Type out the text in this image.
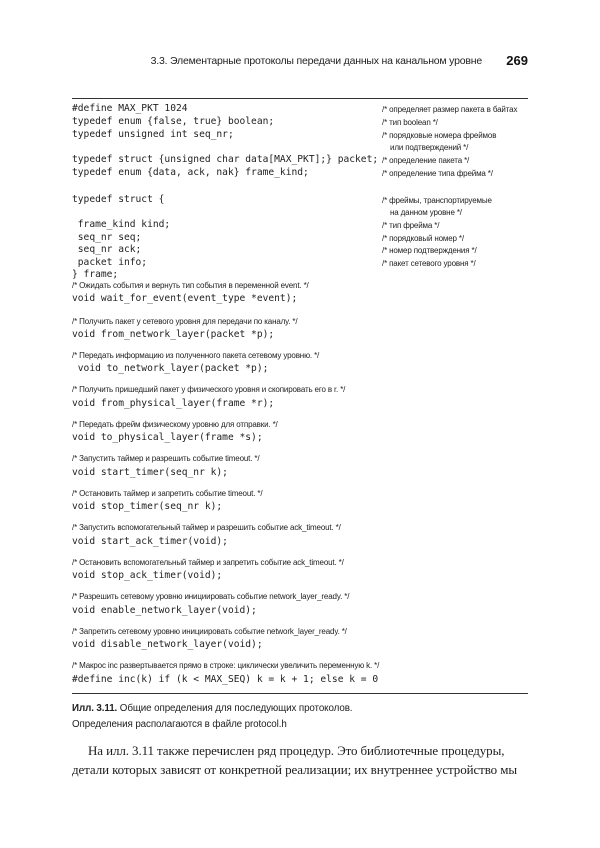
3.3. Элементарные протоколы передачи данных на канальном уровне 269
#define MAX_PKT 1024
typedef enum {false, true} boolean;
typedef unsigned int seq_nr;
typedef struct {unsigned char data[MAX_PKT];} packet;
typedef enum {data, ack, nak} frame_kind;
typedef struct {
frame_kind kind;
seq_nr seq;
seq_nr ack;
packet info;
} frame;
/* определяет размер пакета в байтах
/* тип boolean */
/* порядковые номера фреймов
или подтверждений */
/* определение пакета */
/* определение типа фрейма */
/* фреймы, транспортируемые
на данном уровне */
/* тип фрейма */
/* порядковый номер */
/* номер подтверждения */
/* пакет сетевого уровня */
/* Ожидать события и вернуть тип события в переменной event. */
void wait_for_event(event_type *event);
/* Получить пакет у сетевого уровня для передачи по каналу. */
void from_network_layer(packet *p);
/* Передать информацию из полученного пакета сетевому уровню. */
void to_network_layer(packet *p);
/* Получить пришедший пакет у физического уровня и скопировать его в r. */
void from_physical_layer(frame *r);
/* Передать фрейм физическому уровню для отправки. */
void to_physical_layer(frame *s);
/* Запустить таймер и разрешить событие timeout. */
void start_timer(seq_nr k);
/* Остановить таймер и запретить событие timeout. */
void stop_timer(seq_nr k);
/* Запустить вспомогательный таймер и разрешить событие ack_timeout. */
void start_ack_timer(void);
/* Остановить вспомогательный таймер и запретить событие ack_timeout. */
void stop_ack_timer(void);
/* Разрешить сетевому уровню инициировать событие network_layer_ready. */
void enable_network_layer(void);
/* Запретить сетевому уровню инициировать событие network_layer_ready. */
void disable_network_layer(void);
/* Макрос inc развертывается прямо в строке: циклически увеличить переменную k. */
#define inc(k) if (k < MAX_SEQ) k = k + 1; else k = 0
Илл. 3.11. Общие определения для последующих протоколов.
Определения располагаются в файле protocol.h
На илл. 3.11 также перечислен ряд процедур. Это библиотечные процедуры,
детали которых зависят от конкретной реализации; их внутреннее устройство мы
